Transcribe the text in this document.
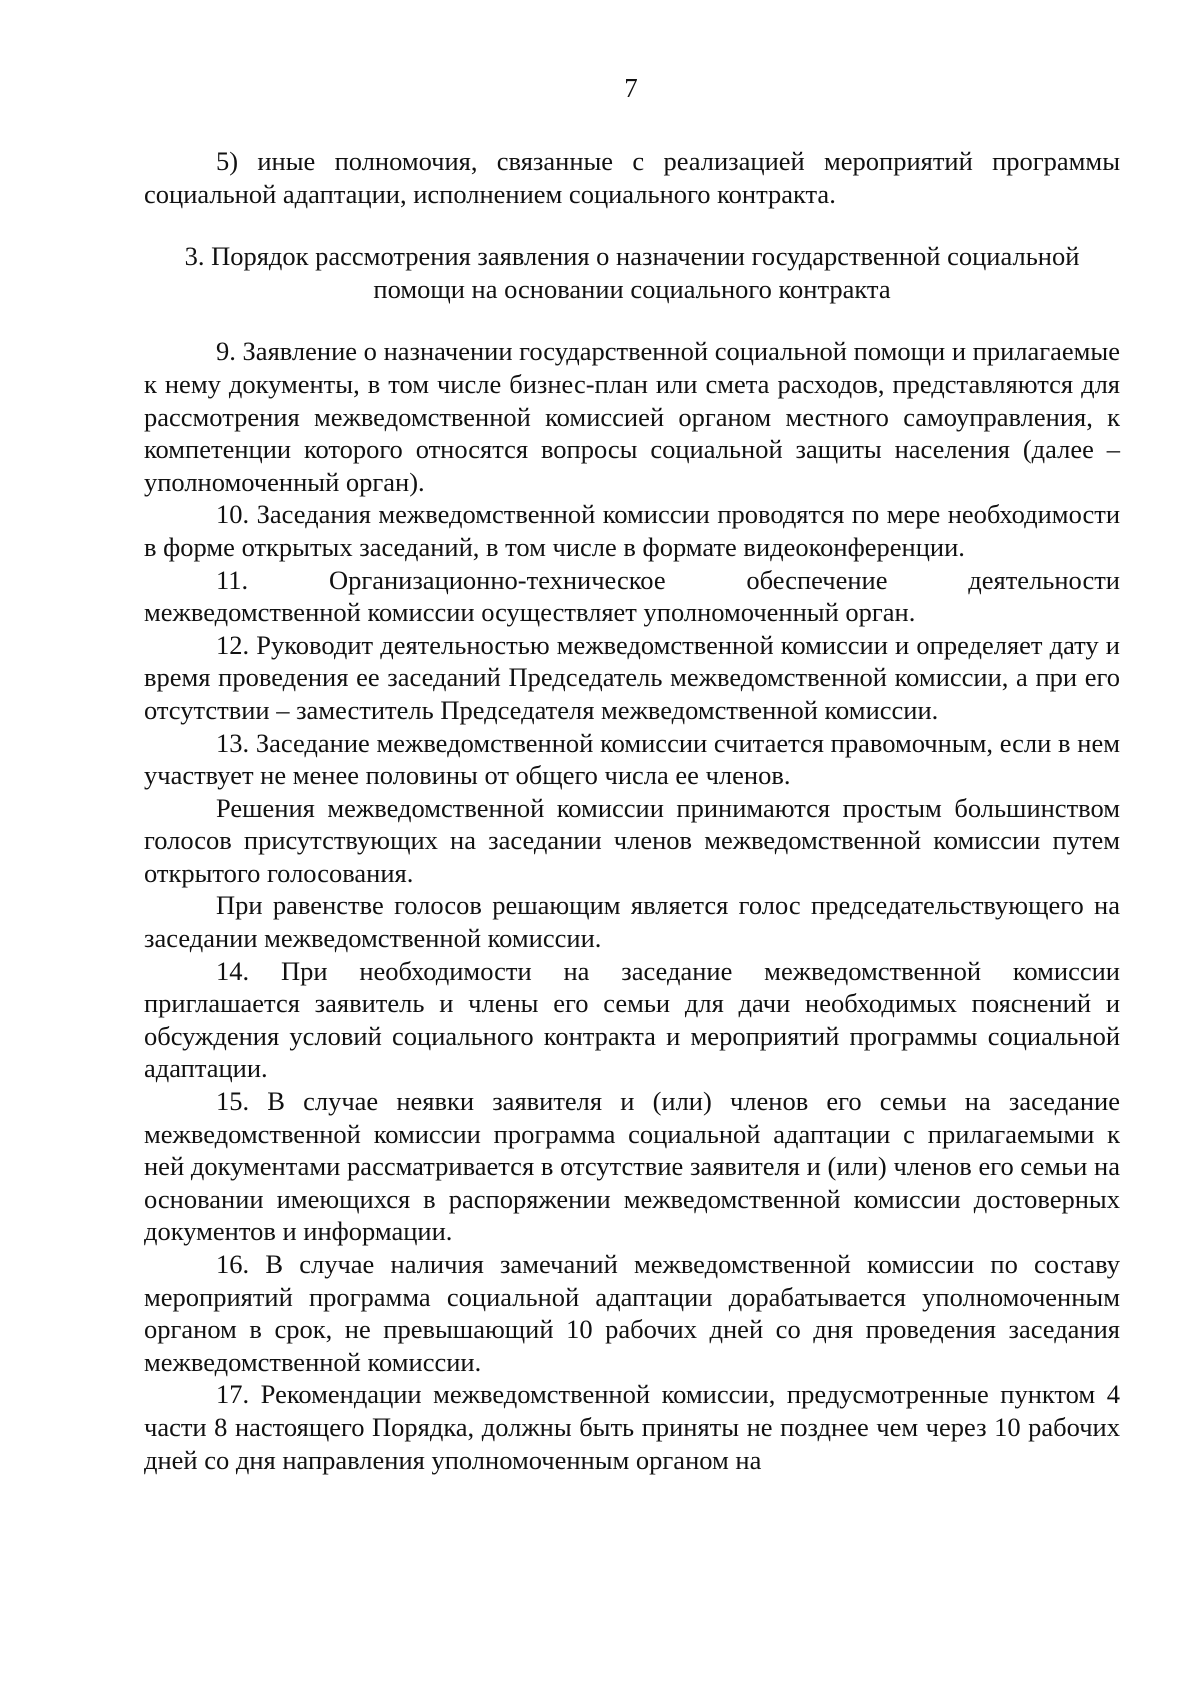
7

5) иные полномочия, связанные с реализацией мероприятий программы социальной адаптации, исполнением социального контракта.

3. Порядок рассмотрения заявления о назначении государственной социальной
помощи на основании социального контракта

9. Заявление о назначении государственной социальной помощи и прилагаемые к нему документы, в том числе бизнес-план или смета расходов, представляются для рассмотрения межведомственной комиссией органом местного самоуправления, к компетенции которого относятся вопросы социальной защиты населения (далее – уполномоченный орган).

10. Заседания межведомственной комиссии проводятся по мере необходимости в форме открытых заседаний, в том числе в формате видеоконференции.

11. Организационно-техническое обеспечение деятельности межведомственной комиссии осуществляет уполномоченный орган.

12. Руководит деятельностью межведомственной комиссии и определяет дату и время проведения ее заседаний Председатель межведомственной комиссии, а при его отсутствии – заместитель Председателя межведомственной комиссии.

13. Заседание межведомственной комиссии считается правомочным, если в нем участвует не менее половины от общего числа ее членов.

Решения межведомственной комиссии принимаются простым большинством голосов присутствующих на заседании членов межведомственной комиссии путем открытого голосования.

При равенстве голосов решающим является голос председательствующего на заседании межведомственной комиссии.

14. При необходимости на заседание межведомственной комиссии приглашается заявитель и члены его семьи для дачи необходимых пояснений и обсуждения условий социального контракта и мероприятий программы социальной адаптации.

15. В случае неявки заявителя и (или) членов его семьи на заседание межведомственной комиссии программа социальной адаптации с прилагаемыми к ней документами рассматривается в отсутствие заявителя и (или) членов его семьи на основании имеющихся в распоряжении межведомственной комиссии достоверных документов и информации.

16. В случае наличия замечаний межведомственной комиссии по составу мероприятий программа социальной адаптации дорабатывается уполномоченным органом в срок, не превышающий 10 рабочих дней со дня проведения заседания межведомственной комиссии.

17. Рекомендации межведомственной комиссии, предусмотренные пунктом 4 части 8 настоящего Порядка, должны быть приняты не позднее чем через 10 рабочих дней со дня направления уполномоченным органом на
